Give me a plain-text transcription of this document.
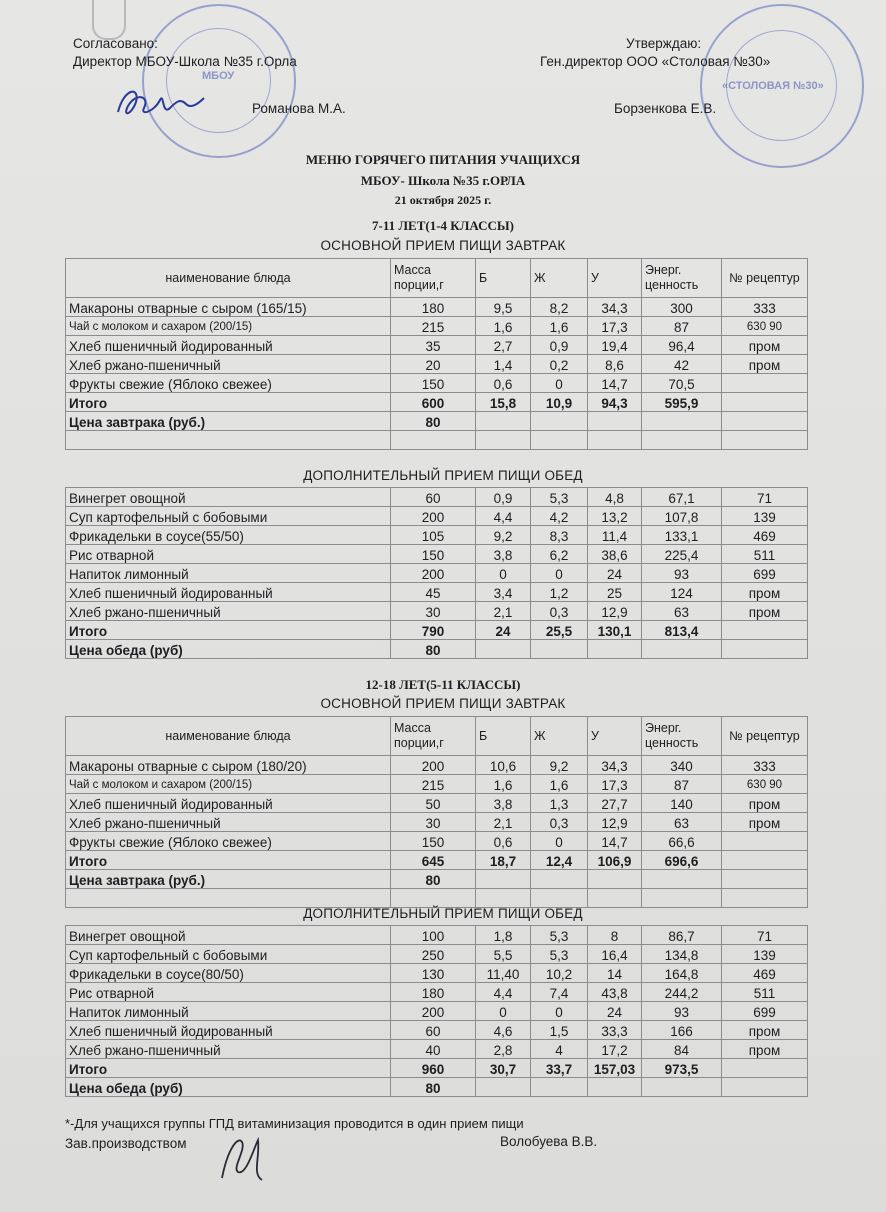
МБОУ
«СТОЛОВАЯ №30»
Согласовано:
Директор МБОУ-Школа №35 г.Орла
Романова М.А.
Утверждаю:
Ген.директор ООО «Столовая №30»
Борзенкова Е.В.
МЕНЮ ГОРЯЧЕГО ПИТАНИЯ УЧАЩИХСЯ
МБОУ- Школа №35 г.ОРЛА
21 октября 2025 г.
7-11 ЛЕТ(1-4 КЛАССЫ)
ОСНОВНОЙ ПРИЕМ ПИЩИ ЗАВТРАК
наименование блюда	Масса порции,г	Б	Ж	У	Энерг. ценность	№ рецептур
Макароны отварные с сыром (165/15)	180	9,5	8,2	34,3	300	333
Чай с молоком и сахаром (200/15)	215	1,6	1,6	17,3	87	630 90
Хлеб пшеничный йодированный	35	2,7	0,9	19,4	96,4	пром
Хлеб ржано-пшеничный	20	1,4	0,2	8,6	42	пром
Фрукты свежие (Яблоко свежее)	150	0,6	0	14,7	70,5	
Итого	600	15,8	10,9	94,3	595,9	
Цена завтрака (руб.)	80					

ДОПОЛНИТЕЛЬНЫЙ ПРИЕМ ПИЩИ ОБЕД
Винегрет овощной	60	0,9	5,3	4,8	67,1	71
Суп картофельный с бобовыми	200	4,4	4,2	13,2	107,8	139
Фрикадельки в соусе(55/50)	105	9,2	8,3	11,4	133,1	469
Рис отварной	150	3,8	6,2	38,6	225,4	511
Напиток лимонный	200	0	0	24	93	699
Хлеб пшеничный йодированный	45	3,4	1,2	25	124	пром
Хлеб ржано-пшеничный	30	2,1	0,3	12,9	63	пром
Итого	790	24	25,5	130,1	813,4	
Цена обеда (руб)	80					
12-18 ЛЕТ(5-11 КЛАССЫ)
ОСНОВНОЙ ПРИЕМ ПИЩИ ЗАВТРАК
наименование блюда	Масса порции,г	Б	Ж	У	Энерг. ценность	№ рецептур
Макароны отварные с сыром (180/20)	200	10,6	9,2	34,3	340	333
Чай с молоком и сахаром (200/15)	215	1,6	1,6	17,3	87	630 90
Хлеб пшеничный йодированный	50	3,8	1,3	27,7	140	пром
Хлеб ржано-пшеничный	30	2,1	0,3	12,9	63	пром
Фрукты свежие (Яблоко свежее)	150	0,6	0	14,7	66,6	
Итого	645	18,7	12,4	106,9	696,6	
Цена завтрака (руб.)	80					

ДОПОЛНИТЕЛЬНЫЙ ПРИЕМ ПИЩИ ОБЕД
Винегрет овощной	100	1,8	5,3	8	86,7	71
Суп картофельный с бобовыми	250	5,5	5,3	16,4	134,8	139
Фрикадельки в соусе(80/50)	130	11,40	10,2	14	164,8	469
Рис отварной	180	4,4	7,4	43,8	244,2	511
Напиток лимонный	200	0	0	24	93	699
Хлеб пшеничный йодированный	60	4,6	1,5	33,3	166	пром
Хлеб ржано-пшеничный	40	2,8	4	17,2	84	пром
Итого	960	30,7	33,7	157,03	973,5	
Цена обеда (руб)	80					
*-Для учащихся группы ГПД витаминизация проводится в один прием пищи
Зав.производством	Волобуева В.В.
